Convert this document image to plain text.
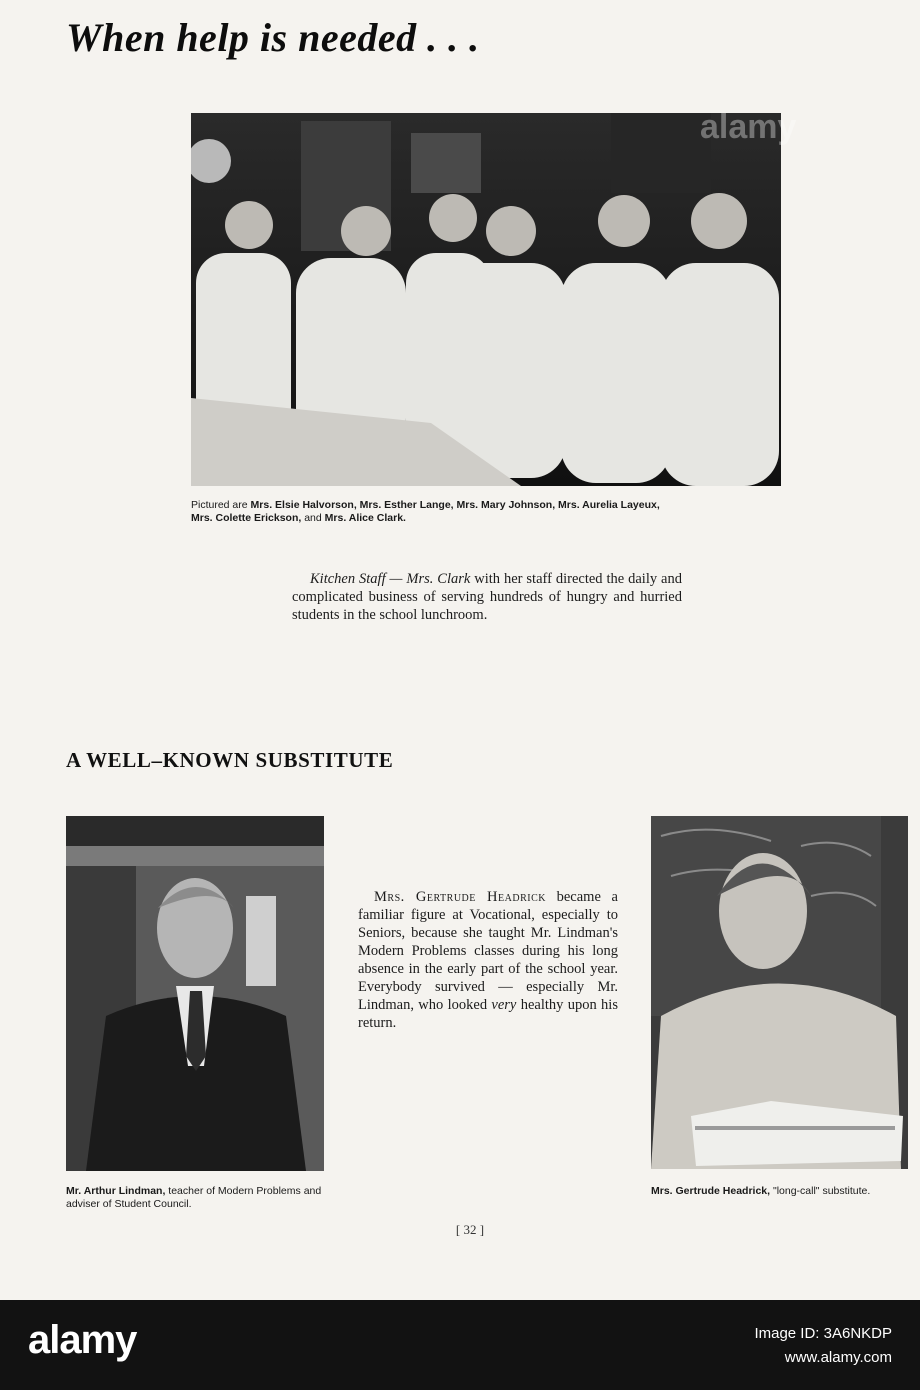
When help is needed . . .
Pictured are Mrs. Elsie Halvorson, Mrs. Esther Lange, Mrs. Mary Johnson, Mrs. Aurelia Layeux,
Mrs. Colette Erickson, and Mrs. Alice Clark.
Kitchen Staff — Mrs. Clark with her staff directed the daily and complicated business of serving hundreds of hungry and hurried students in the school lunchroom.
A WELL–KNOWN SUBSTITUTE
Mrs. Gertrude Headrick became a familiar figure at Vocational, especially to Seniors, because she taught Mr. Lindman's Modern Problems classes during his long absence in the early part of the school year. Everybody survived — especially Mr. Lindman, who looked very healthy upon his return.
Mr. Arthur Lindman, teacher of Modern Problems and adviser of Student Council.
Mrs. Gertrude Headrick, "long-call" substitute.
[ 32 ]
alamy
alamy	Image ID: 3A6NKDP
www.alamy.com
